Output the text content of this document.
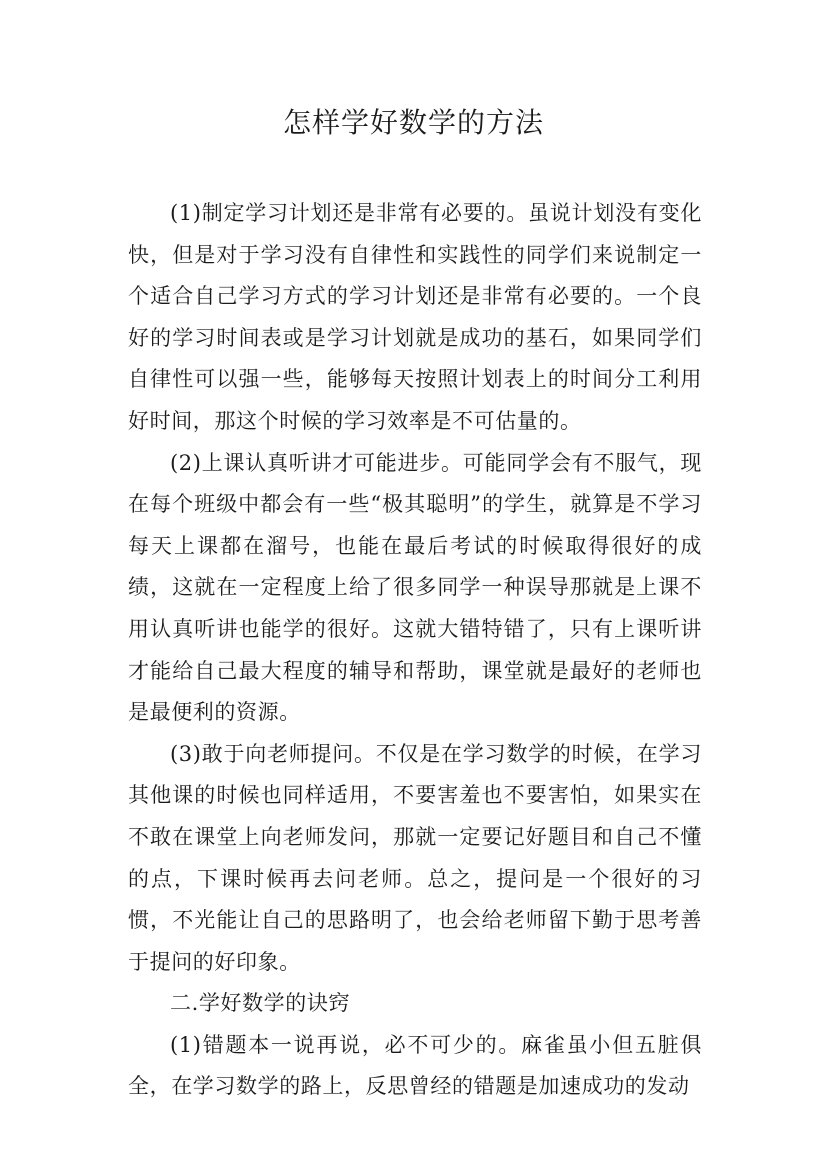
怎样学好数学的方法

(1)制定学习计划还是非常有必要的。虽说计划没有变化快，但是对于学习没有自律性和实践性的同学们来说制定一个适合自己学习方式的学习计划还是非常有必要的。一个良好的学习时间表或是学习计划就是成功的基石，如果同学们自律性可以强一些，能够每天按照计划表上的时间分工利用好时间，那这个时候的学习效率是不可估量的。

(2)上课认真听讲才可能进步。可能同学会有不服气，现在每个班级中都会有一些“极其聪明”的学生，就算是不学习每天上课都在溜号，也能在最后考试的时候取得很好的成绩，这就在一定程度上给了很多同学一种误导那就是上课不用认真听讲也能学的很好。这就大错特错了，只有上课听讲才能给自己最大程度的辅导和帮助，课堂就是最好的老师也是最便利的资源。

(3)敢于向老师提问。不仅是在学习数学的时候，在学习其他课的时候也同样适用，不要害羞也不要害怕，如果实在不敢在课堂上向老师发问，那就一定要记好题目和自己不懂的点，下课时候再去问老师。总之，提问是一个很好的习惯，不光能让自己的思路明了，也会给老师留下勤于思考善于提问的好印象。

二.学好数学的诀窍

(1)错题本一说再说，必不可少的。麻雀虽小但五脏俱全，在学习数学的路上，反思曾经的错题是加速成功的发动
